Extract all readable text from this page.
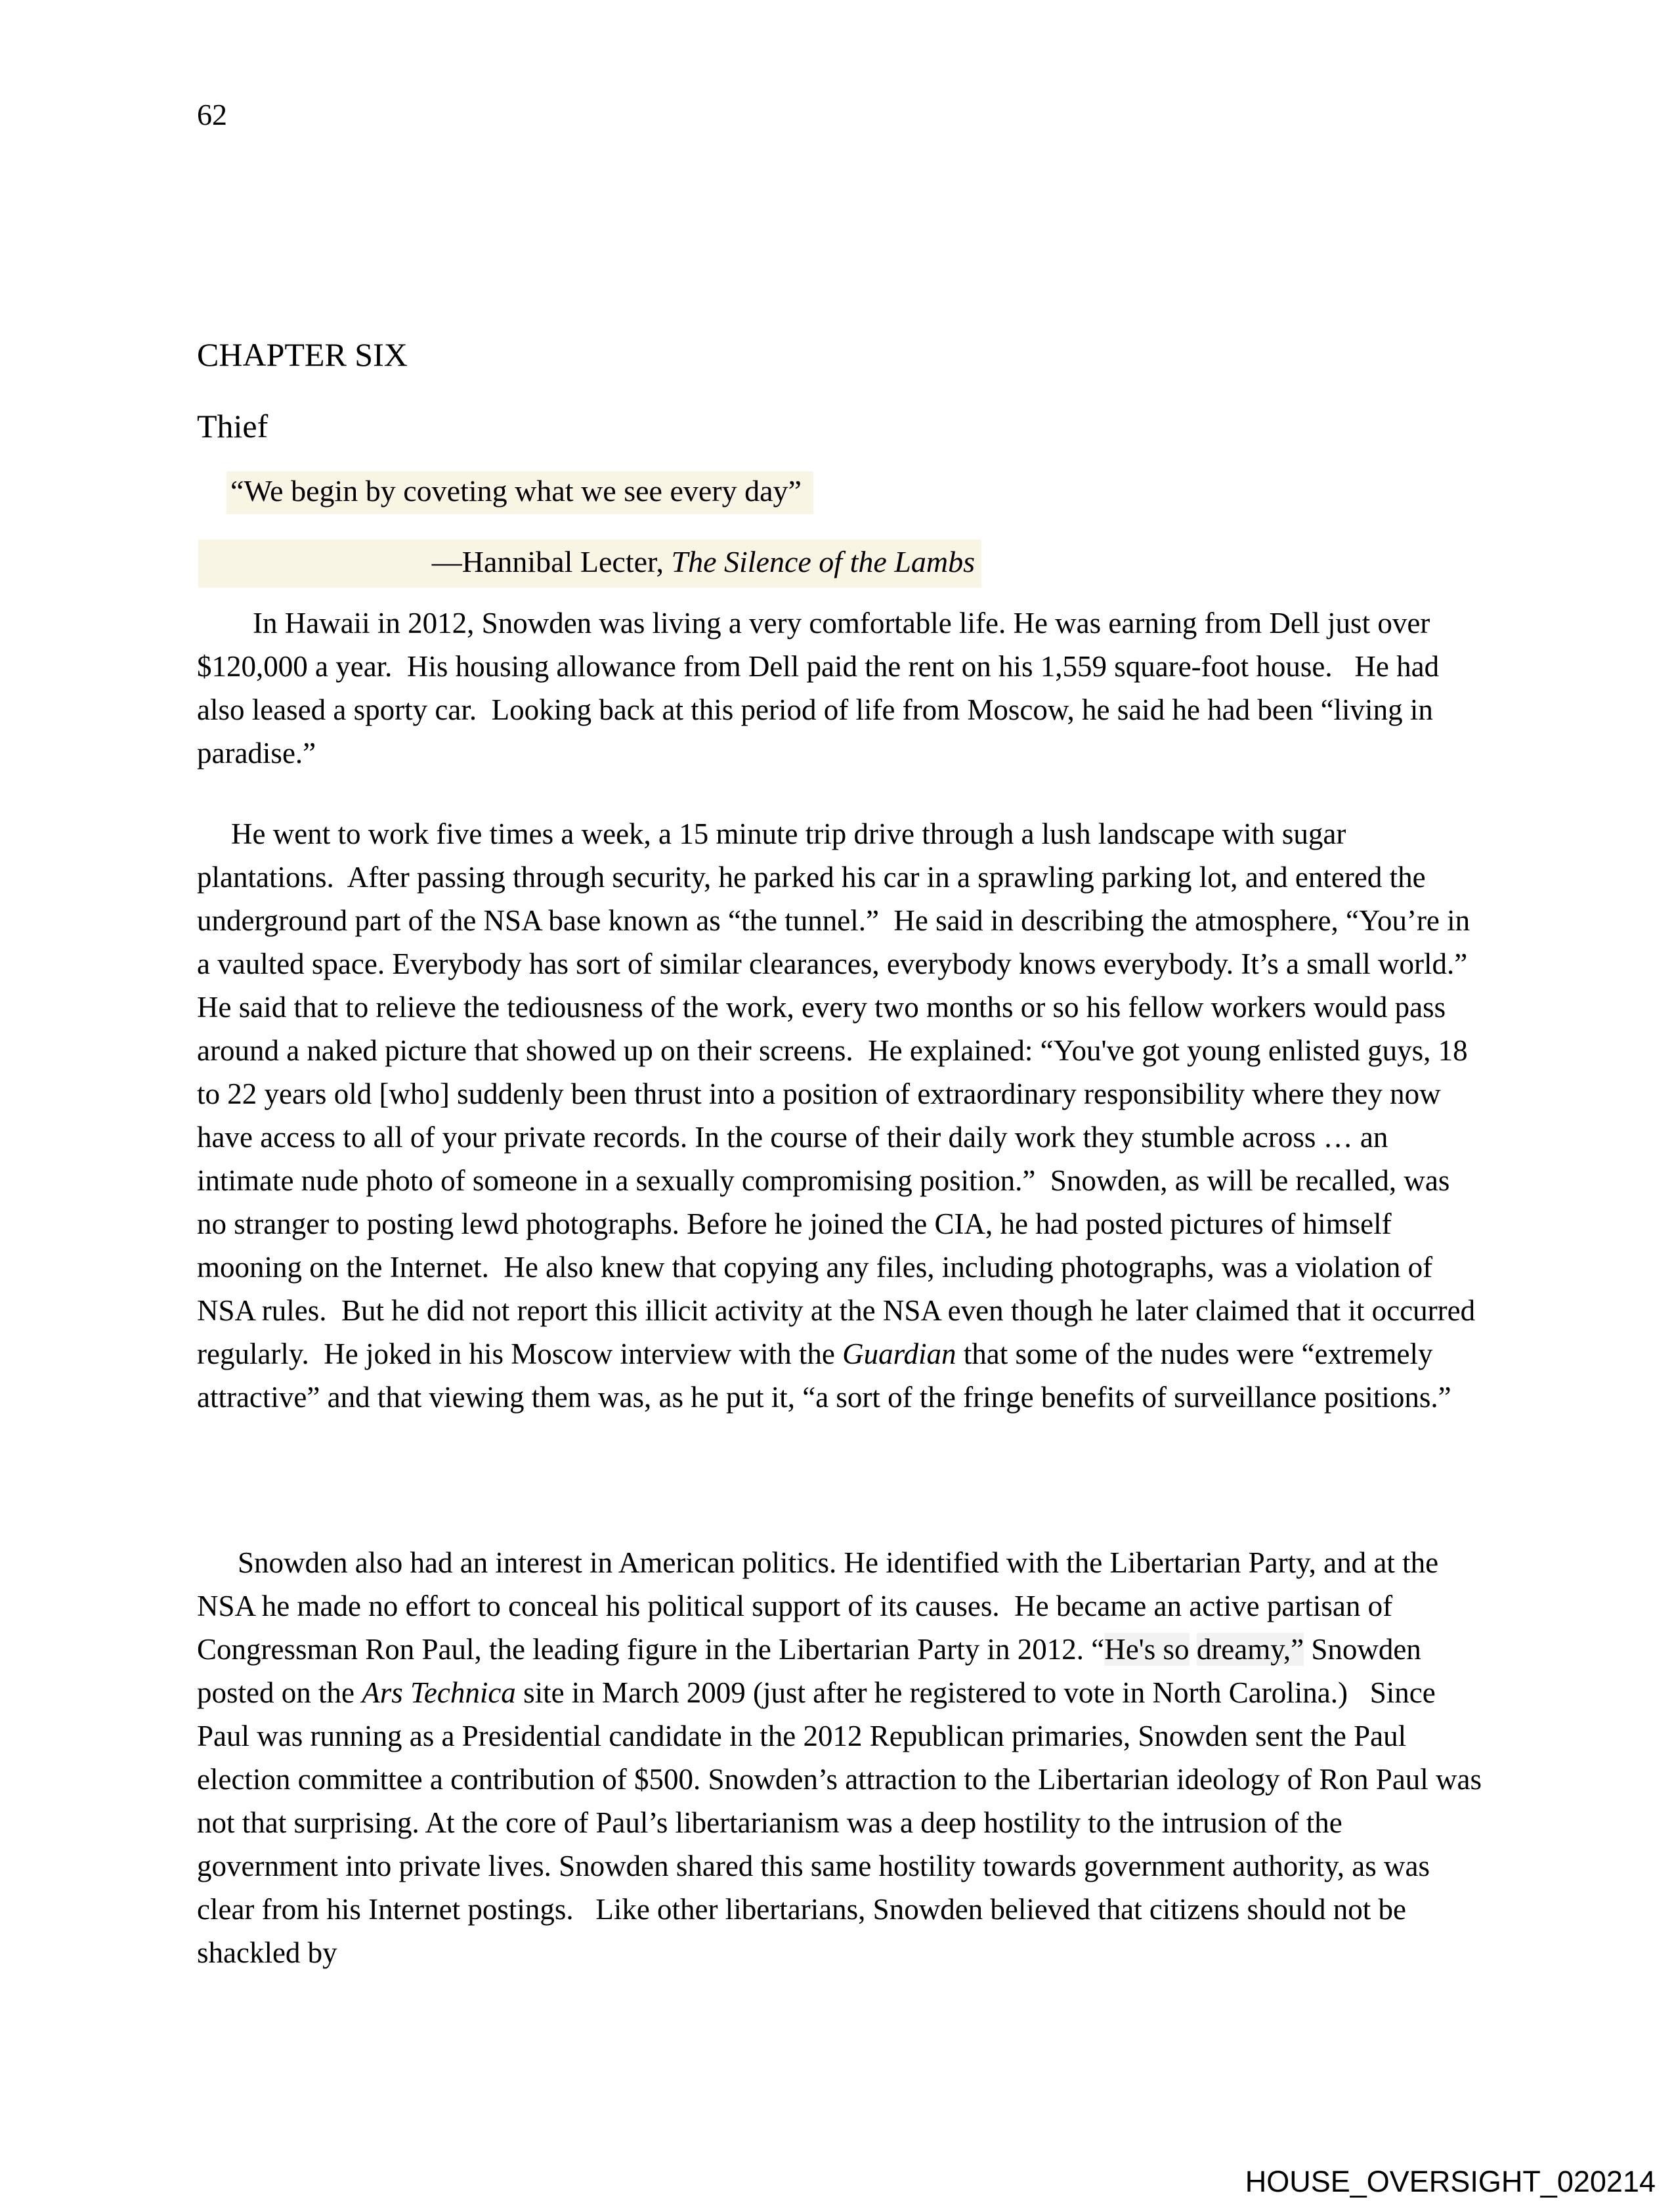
62
CHAPTER SIX
Thief
“We begin by coveting what we see every day”
—Hannibal Lecter, The Silence of the Lambs

In Hawaii in 2012, Snowden was living a very comfortable life. He was earning from Dell just over $120,000 a year.  His housing allowance from Dell paid the rent on his 1,559 square-foot house.   He had also leased a sporty car.  Looking back at this period of life from Moscow, he said he had been “living in paradise.”

He went to work five times a week, a 15 minute trip drive through a lush landscape with sugar plantations.  After passing through security, he parked his car in a sprawling parking lot, and entered the underground part of the NSA base known as “the tunnel.”  He said in describing the atmosphere, “You’re in a vaulted space. Everybody has sort of similar clearances, everybody knows everybody. It’s a small world.”  He said that to relieve the tediousness of the work, every two months or so his fellow workers would pass around a naked picture that showed up on their screens.  He explained: “You've got young enlisted guys, 18 to 22 years old [who] suddenly been thrust into a position of extraordinary responsibility where they now have access to all of your private records. In the course of their daily work they stumble across … an intimate nude photo of someone in a sexually compromising position.”  Snowden, as will be recalled, was no stranger to posting lewd photographs. Before he joined the CIA, he had posted pictures of himself mooning on the Internet.  He also knew that copying any files, including photographs, was a violation of NSA rules.  But he did not report this illicit activity at the NSA even though he later claimed that it occurred regularly.  He joked in his Moscow interview with the Guardian that some of the nudes were “extremely attractive” and that viewing them was, as he put it, “a sort of the fringe benefits of surveillance positions.”

Snowden also had an interest in American politics. He identified with the Libertarian Party, and at the NSA he made no effort to conceal his political support of its causes.  He became an active partisan of Congressman Ron Paul, the leading figure in the Libertarian Party in 2012. “He's so dreamy,” Snowden posted on the Ars Technica site in March 2009 (just after he registered to vote in North Carolina.)   Since Paul was running as a Presidential candidate in the 2012 Republican primaries, Snowden sent the Paul election committee a contribution of $500. Snowden’s attraction to the Libertarian ideology of Ron Paul was not that surprising. At the core of Paul’s libertarianism was a deep hostility to the intrusion of the government into private lives. Snowden shared this same hostility towards government authority, as was clear from his Internet postings.   Like other libertarians, Snowden believed that citizens should not be shackled by

HOUSE_OVERSIGHT_020214
